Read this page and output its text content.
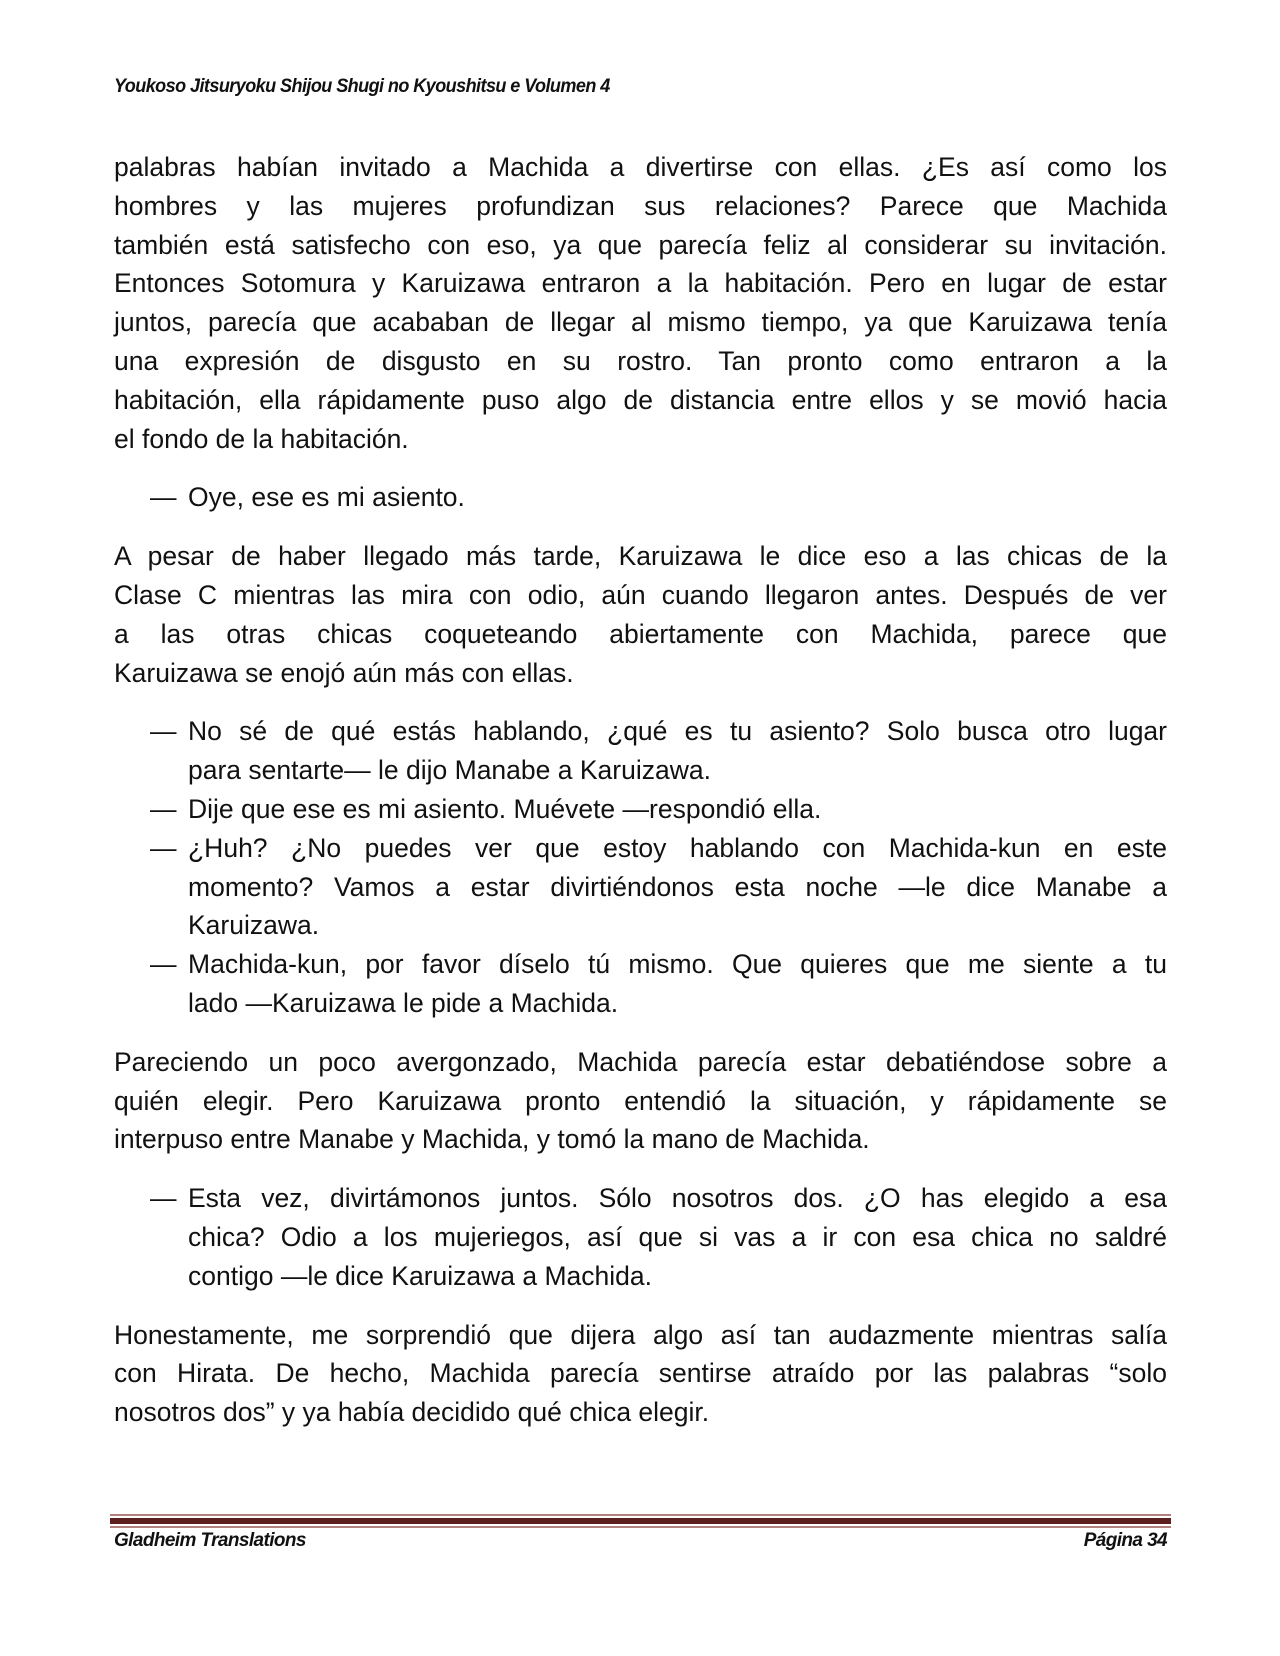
Youkoso Jitsuryoku Shijou Shugi no Kyoushitsu e Volumen 4
palabras habían invitado a Machida a divertirse con ellas. ¿Es así como los
hombres y las mujeres profundizan sus relaciones? Parece que Machida
también está satisfecho con eso, ya que parecía feliz al considerar su invitación.
Entonces Sotomura y Karuizawa entraron a la habitación. Pero en lugar de estar
juntos, parecía que acababan de llegar al mismo tiempo, ya que Karuizawa tenía
una expresión de disgusto en su rostro. Tan pronto como entraron a la
habitación, ella rápidamente puso algo de distancia entre ellos y se movió hacia
el fondo de la habitación.
— Oye, ese es mi asiento.
A pesar de haber llegado más tarde, Karuizawa le dice eso a las chicas de la
Clase C mientras las mira con odio, aún cuando llegaron antes. Después de ver
a las otras chicas coqueteando abiertamente con Machida, parece que
Karuizawa se enojó aún más con ellas.
— No sé de qué estás hablando, ¿qué es tu asiento? Solo busca otro lugar
para sentarte— le dijo Manabe a Karuizawa.
— Dije que ese es mi asiento. Muévete —respondió ella.
— ¿Huh? ¿No puedes ver que estoy hablando con Machida-kun en este
momento? Vamos a estar divirtiéndonos esta noche —le dice Manabe a
Karuizawa.
— Machida-kun, por favor díselo tú mismo. Que quieres que me siente a tu
lado —Karuizawa le pide a Machida.
Pareciendo un poco avergonzado, Machida parecía estar debatiéndose sobre a
quién elegir. Pero Karuizawa pronto entendió la situación, y rápidamente se
interpuso entre Manabe y Machida, y tomó la mano de Machida.
— Esta vez, divirtámonos juntos. Sólo nosotros dos. ¿O has elegido a esa
chica? Odio a los mujeriegos, así que si vas a ir con esa chica no saldré
contigo —le dice Karuizawa a Machida.
Honestamente, me sorprendió que dijera algo así tan audazmente mientras salía
con Hirata. De hecho, Machida parecía sentirse atraído por las palabras “solo
nosotros dos” y ya había decidido qué chica elegir.
Gladheim Translations	Página 34
